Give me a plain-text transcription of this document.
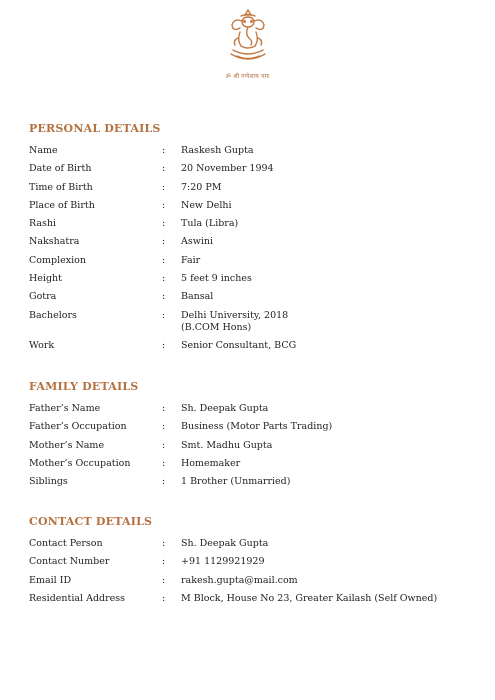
ॐ श्री गणेशाय नमः
PERSONAL DETAILS
Name	:	Raskesh Gupta
Date of Birth	:	20 November 1994
Time of Birth	:	7:20 PM
Place of Birth	:	New Delhi
Rashi	:	Tula (Libra)
Nakshatra	:	Aswini
Complexion	:	Fair
Height	:	5 feet 9 inches
Gotra	:	Bansal
Bachelors	:	Delhi University, 2018
(B.COM Hons)
Work	:	Senior Consultant, BCG
FAMILY DETAILS
Father’s Name	:	Sh. Deepak Gupta
Father’s Occupation	:	Business (Motor Parts Trading)
Mother’s Name	:	Smt. Madhu Gupta
Mother’s Occupation	:	Homemaker
Siblings	:	1 Brother (Unmarried)
CONTACT DETAILS
Contact Person	:	Sh. Deepak Gupta
Contact Number	:	+91 1129921929
Email ID	:	rakesh.gupta@mail.com
Residential Address	:	M Block, House No 23, Greater Kailash (Self Owned)
